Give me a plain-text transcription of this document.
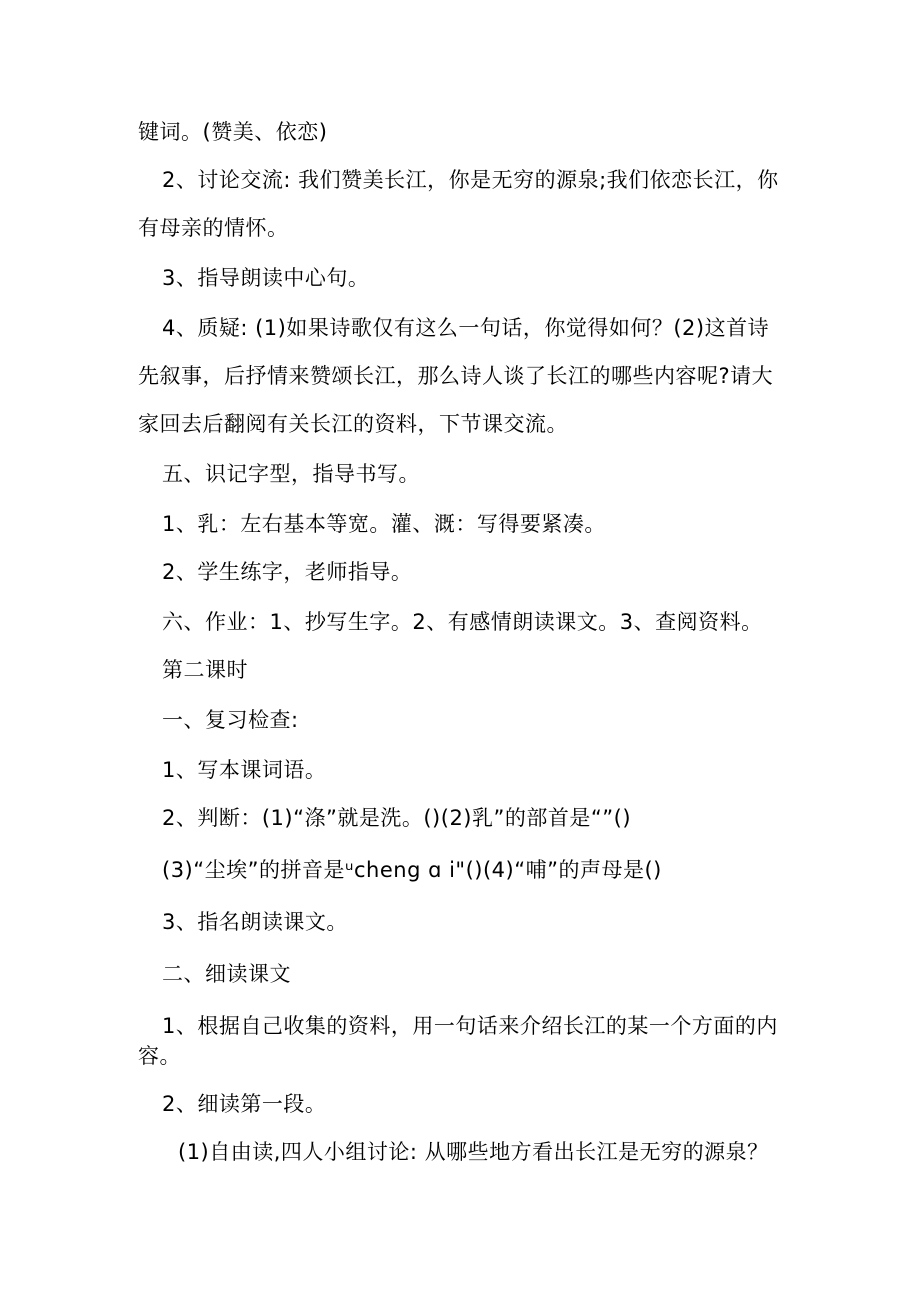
键词。(赞美、依恋)
2、讨论交流: 我们赞美长江，你是无穷的源泉;我们依恋长江，你
有母亲的情怀。
3、指导朗读中心句。
4、质疑: (1)如果诗歌仅有这么一句话，你觉得如何？(2)这首诗
先叙事，后抒情来赞颂长江，那么诗人谈了长江的哪些内容呢?请大
家回去后翻阅有关长江的资料，下节课交流。
五、识记字型，指导书写。
1、乳：左右基本等宽。灌、溉：写得要紧凑。
2、学生练字，老师指导。
六、作业：1、抄写生字。2、有感情朗读课文。3、查阅资料。
第二课时
一、复习检查:
1、写本课词语。
2、判断：(1)“涤”就是洗。()(2)乳”的部首是“”()
(3)“尘埃”的拼音是ᵘcheng ɑ i"()(4)“哺”的声母是()
3、指名朗读课文。
二、细读课文
1、根据自己收集的资料，用一句话来介绍长江的某一个方面的内
容。
2、细读第一段。
(1)自由读,四人小组讨论: 从哪些地方看出长江是无穷的源泉？
